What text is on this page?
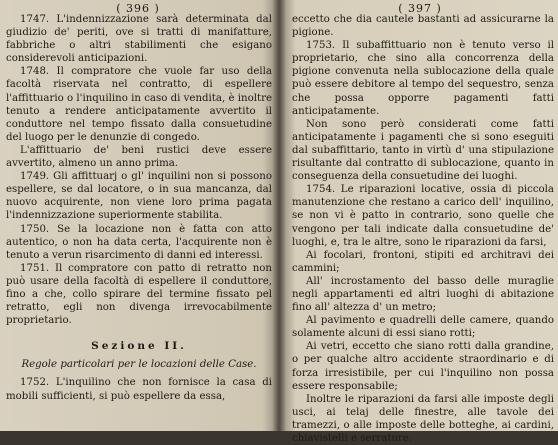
( 396 )

1747. L'indennizzazione sarà determinata dal giudizio de' periti, ove si tratti di manifatture, fabbriche o altri stabilimenti che esigano considerevoli anticipazioni.

1748. Il compratore che vuole far uso della facoltà riservata nel contratto, di espellere l'affittuario o l'inquilino in caso di vendita, è inoltre tenuto a rendere anticipatamente avvertito il conduttore nel tempo fissato dalla consuetudine del luogo per le denunzie di congedo.

L'affittuario de' beni rustici deve essere avvertito, almeno un anno prima.

1749. Gli affittuarj o gl' inquilini non si possono espellere, se dal locatore, o in sua mancanza, dal nuovo acquirente, non viene loro prima pagata l'indennizzazione superiormente stabilita.

1750. Se la locazione non è fatta con atto autentico, o non ha data certa, l'acquirente non è tenuto a verun risarcimento di danni ed interessi.

1751. Il compratore con patto di retratto non può usare della facoltà di espellere il conduttore, fino a che, collo spirare del termine fissato pel retratto, egli non divenga irrevocabilmente proprietario.

Sezione II.
Regole particolari per le locazioni delle Case.

1752. L'inquilino che non fornisce la casa di mobili sufficienti, si può espellere da essa,

( 397 )

eccetto che dia cautele bastanti ad assicurarne la pigione.

1753. Il subaffittuario non è tenuto verso il proprietario, che sino alla concorrenza della pigione convenuta nella sublocazione della quale può essere debitore al tempo del sequestro, senza che possa opporre pagamenti fatti anticipatamente.

Non sono però considerati come fatti anticipatamente i pagamenti che si sono eseguiti dal subaffittario, tanto in virtù d' una stipulazione risultante dal contratto di sublocazione, quanto in conseguenza della consuetudine dei luoghi.

1754. Le riparazioni locative, ossia di piccola manutenzione che restano a carico dell' inquilino, se non vi è patto in contrario, sono quelle che vengono per tali indicate dalla consuetudine de' luoghi, e, tra le altre, sono le riparazioni da farsi,

Ai focolari, frontoni, stipiti ed architravi dei cammini;

All' incrostamento del basso delle muraglie negli appartamenti ed altri luoghi di abitazione fino all' altezza d' un metro;

Al pavimento e quadrelli delle camere, quando solamente alcuni di essi siano rotti;

Ai vetri, eccetto che siano rotti dalla grandine, o per qualche altro accidente straordinario e di forza irresistibile, per cui l'inquilino non possa essere responsabile;

Inoltre le riparazioni da farsi alle imposte degli usci, ai telaj delle finestre, alle tavole dei tramezzi, o alle imposte delle botteghe, ai cardini, chiavistelli e serrature.
